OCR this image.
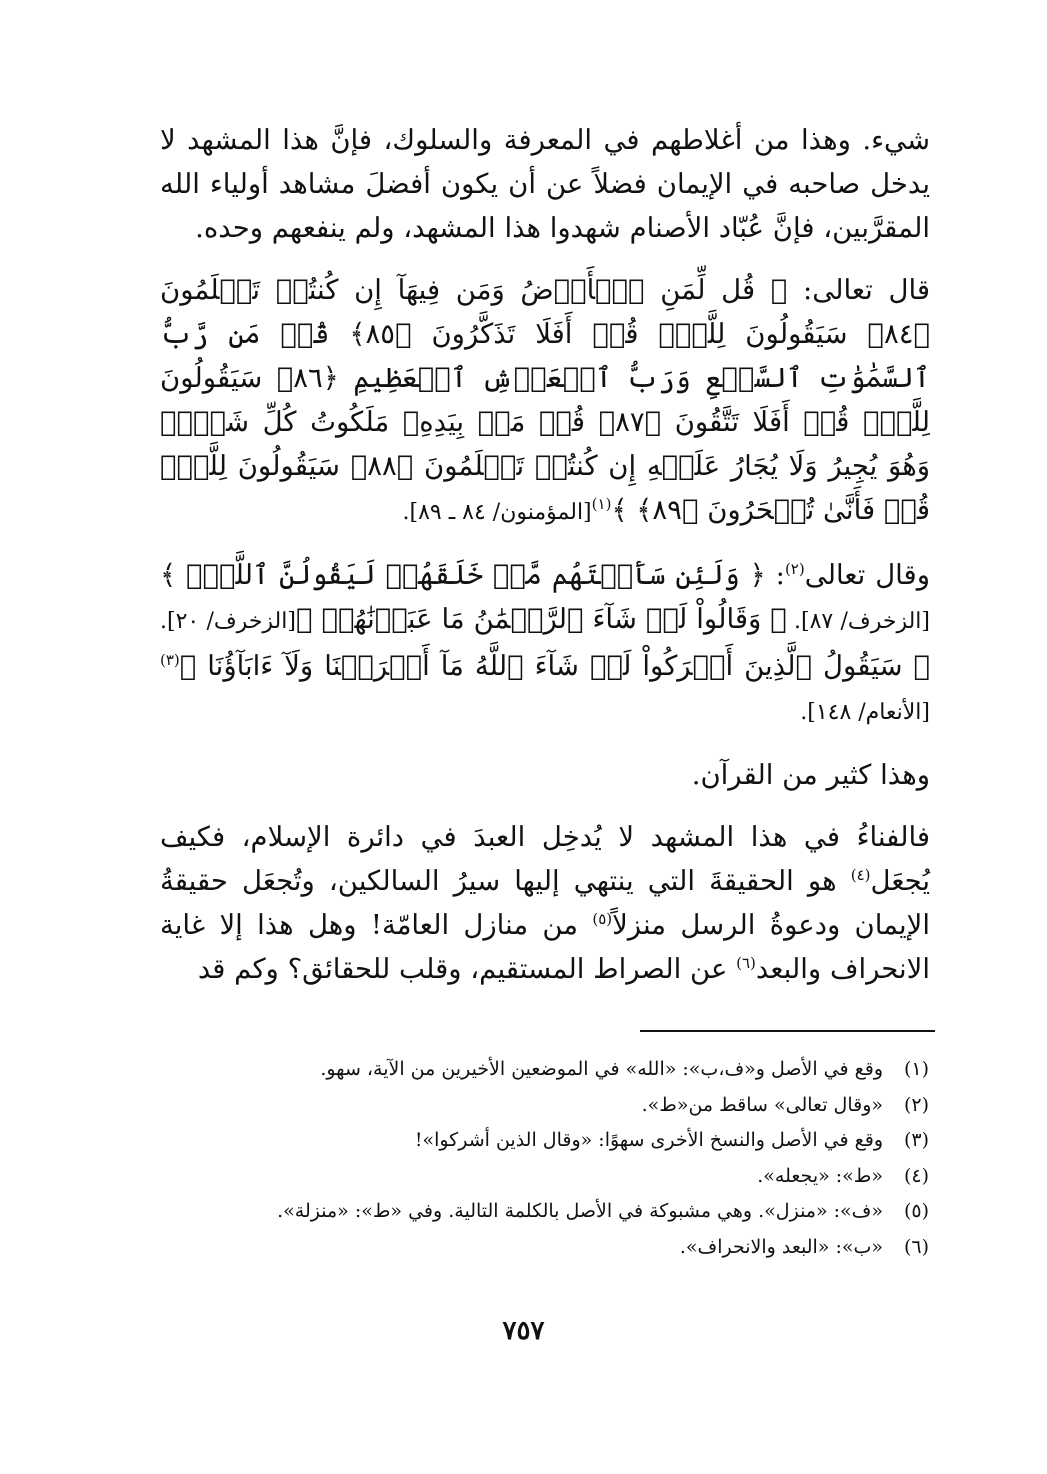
شيء. وهذا من أغلاطهم في المعرفة والسلوك، فإنَّ هذا المشهد لا يدخل صاحبه في الإيمان فضلاً عن أن يكون أفضلَ مشاهد أولياء الله المقرَّبين، فإنَّ عُبّاد الأصنام شهدوا هذا المشهد، ولم ينفعهم وحده.

قال تعالى: ﴿ قُل لِّمَنِ ٱلۡأَرۡضُ وَمَن فِيهَآ إِن كُنتُمۡ تَعۡلَمُونَ ﴿٨٤﴾ سَيَقُولُونَ لِلَّهِۚ قُلۡ أَفَلَا تَذَكَّرُونَ ﴿٨٥﴾ قُلۡ مَن رَّبُّ ٱلسَّمَٰوَٰتِ ٱلسَّبۡعِ وَرَبُّ ٱلۡعَرۡشِ ٱلۡعَظِيمِ ﴿٨٦﴾ سَيَقُولُونَ لِلَّهِۚ قُلۡ أَفَلَا تَتَّقُونَ ﴿٨٧﴾ قُلۡ مَنۢ بِيَدِهِۦ مَلَكُوتُ كُلِّ شَيۡءٖ وَهُوَ يُجِيرُ وَلَا يُجَارُ عَلَيۡهِ إِن كُنتُمۡ تَعۡلَمُونَ ﴿٨٨﴾ سَيَقُولُونَ لِلَّهِۚ قُلۡ فَأَنَّىٰ تُسۡحَرُونَ ﴿٨٩﴾ ﴾$^{(١)}$[المؤمنون/ ٨٤ ـ ٨٩].

وقال تعالى$^{(٢)}$: ﴿ وَلَئِن سَأَلۡتَهُم مَّنۡ خَلَقَهُمۡ لَيَقُولُنَّ ٱللَّهُۖ ﴾[الزخرف/ ٨٧]. ﴿ وَقَالُواْ لَوۡ شَآءَ ٱلرَّحۡمَٰنُ مَا عَبَدۡنَٰهُمۗ ﴾[الزخرف/ ٢٠]. ﴿ سَيَقُولُ ٱلَّذِينَ أَشۡرَكُواْ لَوۡ شَآءَ ٱللَّهُ مَآ أَشۡرَكۡنَا وَلَآ ءَابَآؤُنَا ﴾$^{(٣)}$[الأنعام/ ١٤٨].

وهذا كثير من القرآن.

فالفناءُ في هذا المشهد لا يُدخِل العبدَ في دائرة الإسلام، فكيف يُجعَل$^{(٤)}$ هو الحقيقةَ التي ينتهي إليها سيرُ السالكين، وتُجعَل حقيقةُ الإيمان ودعوةُ الرسل منزلاً$^{(٥)}$ من منازل العامّة! وهل هذا إلا غاية الانحراف والبعد$^{(٦)}$ عن الصراط المستقيم، وقلب للحقائق؟ وكم قد

(١)
وقع في الأصل و«ف،ب»: «الله» في الموضعين الأخيرين من الآية، سهو.
(٢)
«وقال تعالى» ساقط من«ط».
(٣)
وقع في الأصل والنسخ الأخرى سهوًا: «وقال الذين أشركوا»!
(٤)
«ط»: «يجعله».
(٥)
«ف»: «منزل». وهي مشبوكة في الأصل بالكلمة التالية. وفي «ط»: «منزلة».
(٦)
«ب»: «البعد والانحراف».
٧٥٧
